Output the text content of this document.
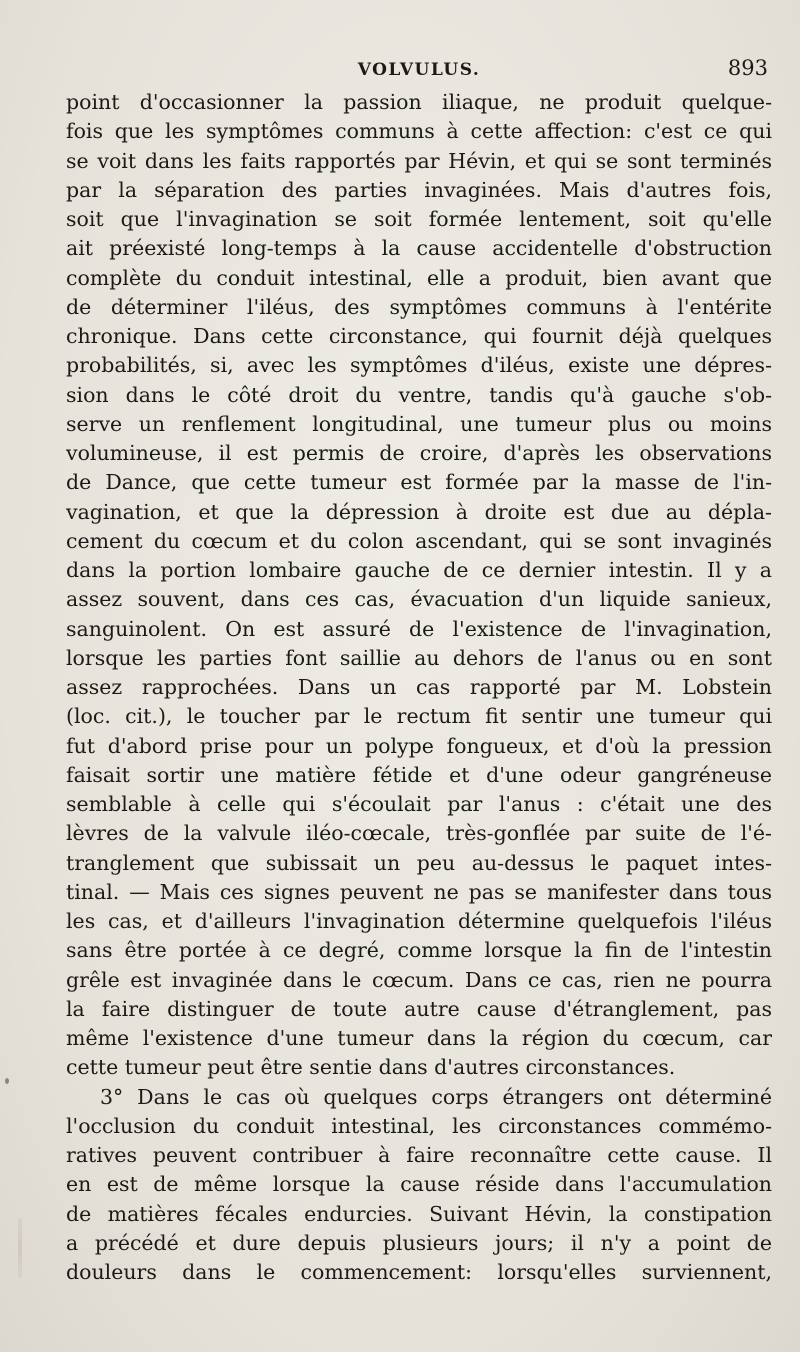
VOLVULUS.	893
point d'occasionner la passion iliaque, ne produit quelque-
fois que les symptômes communs à cette affection: c'est ce qui
se voit dans les faits rapportés par Hévin, et qui se sont terminés
par la séparation des parties invaginées. Mais d'autres fois,
soit que l'invagination se soit formée lentement, soit qu'elle
ait préexisté long-temps à la cause accidentelle d'obstruction
complète du conduit intestinal, elle a produit, bien avant que
de déterminer l'iléus, des symptômes communs à l'entérite
chronique. Dans cette circonstance, qui fournit déjà quelques
probabilités, si, avec les symptômes d'iléus, existe une dépres-
sion dans le côté droit du ventre, tandis qu'à gauche s'ob-
serve un renflement longitudinal, une tumeur plus ou moins
volumineuse, il est permis de croire, d'après les observations
de Dance, que cette tumeur est formée par la masse de l'in-
vagination, et que la dépression à droite est due au dépla-
cement du cœcum et du colon ascendant, qui se sont invaginés
dans la portion lombaire gauche de ce dernier intestin. Il y a
assez souvent, dans ces cas, évacuation d'un liquide sanieux,
sanguinolent. On est assuré de l'existence de l'invagination,
lorsque les parties font saillie au dehors de l'anus ou en sont
assez rapprochées. Dans un cas rapporté par M. Lobstein
(loc. cit.), le toucher par le rectum fit sentir une tumeur qui
fut d'abord prise pour un polype fongueux, et d'où la pression
faisait sortir une matière fétide et d'une odeur gangréneuse
semblable à celle qui s'écoulait par l'anus : c'était une des
lèvres de la valvule iléo-cœcale, très-gonflée par suite de l'é-
tranglement que subissait un peu au-dessus le paquet intes-
tinal. — Mais ces signes peuvent ne pas se manifester dans tous
les cas, et d'ailleurs l'invagination détermine quelquefois l'iléus
sans être portée à ce degré, comme lorsque la fin de l'intestin
grêle est invaginée dans le cœcum. Dans ce cas, rien ne pourra
la faire distinguer de toute autre cause d'étranglement, pas
même l'existence d'une tumeur dans la région du cœcum, car
cette tumeur peut être sentie dans d'autres circonstances.
3° Dans le cas où quelques corps étrangers ont déterminé
l'occlusion du conduit intestinal, les circonstances commémo-
ratives peuvent contribuer à faire reconnaître cette cause. Il
en est de même lorsque la cause réside dans l'accumulation
de matières fécales endurcies. Suivant Hévin, la constipation
a précédé et dure depuis plusieurs jours; il n'y a point de
douleurs dans le commencement: lorsqu'elles surviennent,
